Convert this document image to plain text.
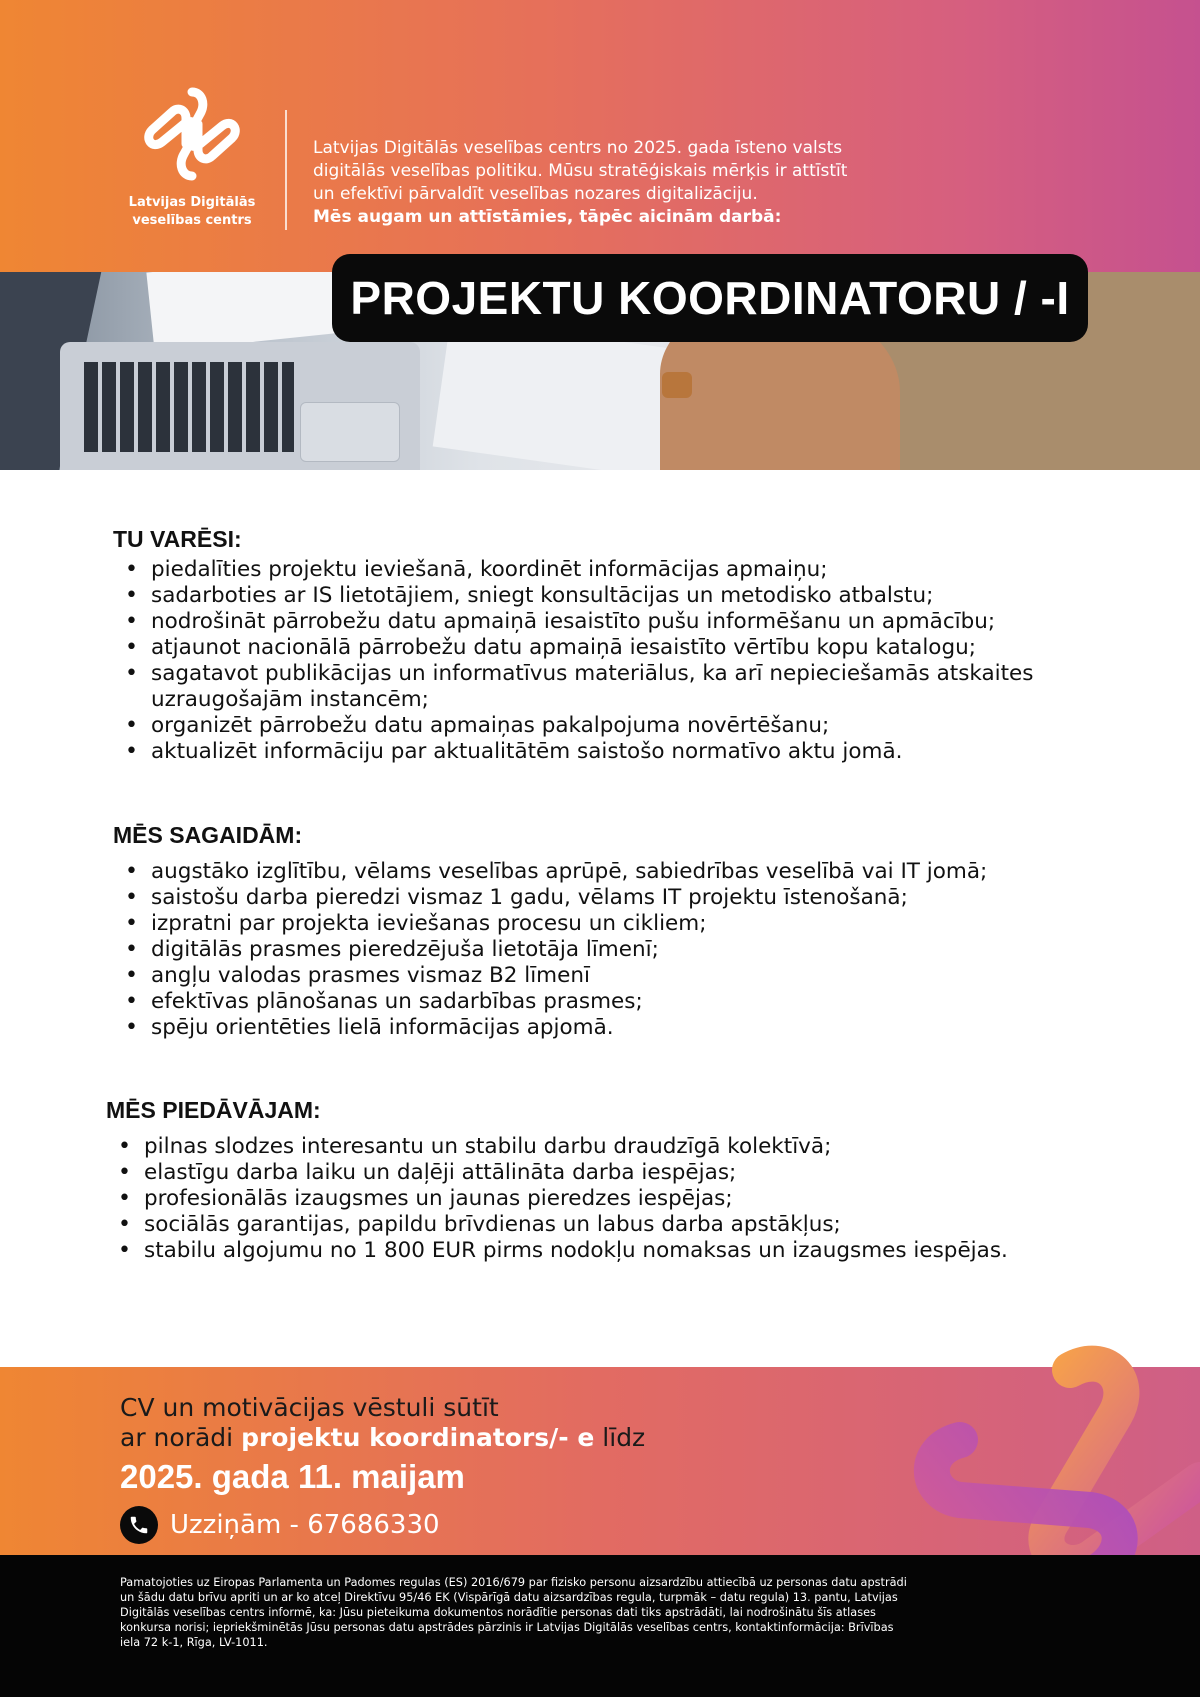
Latvijas Digitālās
veselības centrs

Latvijas Digitālās veselības centrs no 2025. gada īsteno valsts

digitālās veselības politiku. Mūsu stratēģiskais mērķis ir attīstīt

un efektīvi pārvaldīt veselības nozares digitalizāciju.

Mēs augam un attīstāmies, tāpēc aicinām darbā:

PROJEKTU KOORDINATORU / -I
TU VARĒSI:
• piedalīties projektu ieviešanā, koordinēt informācijas apmaiņu;
• sadarboties ar IS lietotājiem, sniegt konsultācijas un metodisko atbalstu;
• nodrošināt pārrobežu datu apmaiņā iesaistīto pušu informēšanu un apmācību;
• atjaunot nacionālā pārrobežu datu apmaiņā iesaistīto vērtību kopu katalogu;
• sagatavot publikācijas un informatīvus materiālus, ka arī nepieciešamās atskaites uzraugošajām instancēm;
• organizēt pārrobežu datu apmaiņas pakalpojuma novērtēšanu;
• aktualizēt informāciju par aktualitātēm saistošo normatīvo aktu jomā.
MĒS SAGAIDĀM:
• augstāko izglītību, vēlams veselības aprūpē, sabiedrības veselībā vai IT jomā;
• saistošu darba pieredzi vismaz 1 gadu, vēlams IT projektu īstenošanā;
• izpratni par projekta ieviešanas procesu un cikliem;
• digitālās prasmes pieredzējuša lietotāja līmenī;
• angļu valodas prasmes vismaz B2 līmenī
• efektīvas plānošanas un sadarbības prasmes;
• spēju orientēties lielā informācijas apjomā.
MĒS PIEDĀVĀJAM:
• pilnas slodzes interesantu un stabilu darbu draudzīgā kolektīvā;
• elastīgu darba laiku un daļēji attālināta darba iespējas;
• profesionālās izaugsmes un jaunas pieredzes iespējas;
• sociālās garantijas, papildu brīvdienas un labus darba apstākļus;
• stabilu algojumu no 1 800 EUR pirms nodokļu nomaksas un izaugsmes iespējas.
CV un motivācijas vēstuli sūtīt
ar norādi projektu koordinators/- e līdz
2025. gada 11. maijam
Uzziņām - 67686330
Pamatojoties uz Eiropas Parlamenta un Padomes regulas (ES) 2016/679 par fizisko personu aizsardzību attiecībā uz personas datu apstrādi un šādu datu brīvu apriti un ar ko atceļ Direktīvu 95/46 EK (Vispārīgā datu aizsardzības regula, turpmāk – datu regula) 13. pantu, Latvijas Digitālās veselības centrs informē, ka: Jūsu pieteikuma dokumentos norādītie personas dati tiks apstrādāti, lai nodrošinātu šīs atlases konkursa norisi; iepriekšminētās Jūsu personas datu apstrādes pārzinis ir Latvijas Digitālās veselības centrs, kontaktinformācija: Brīvības iela 72 k-1, Rīga, LV-1011.
